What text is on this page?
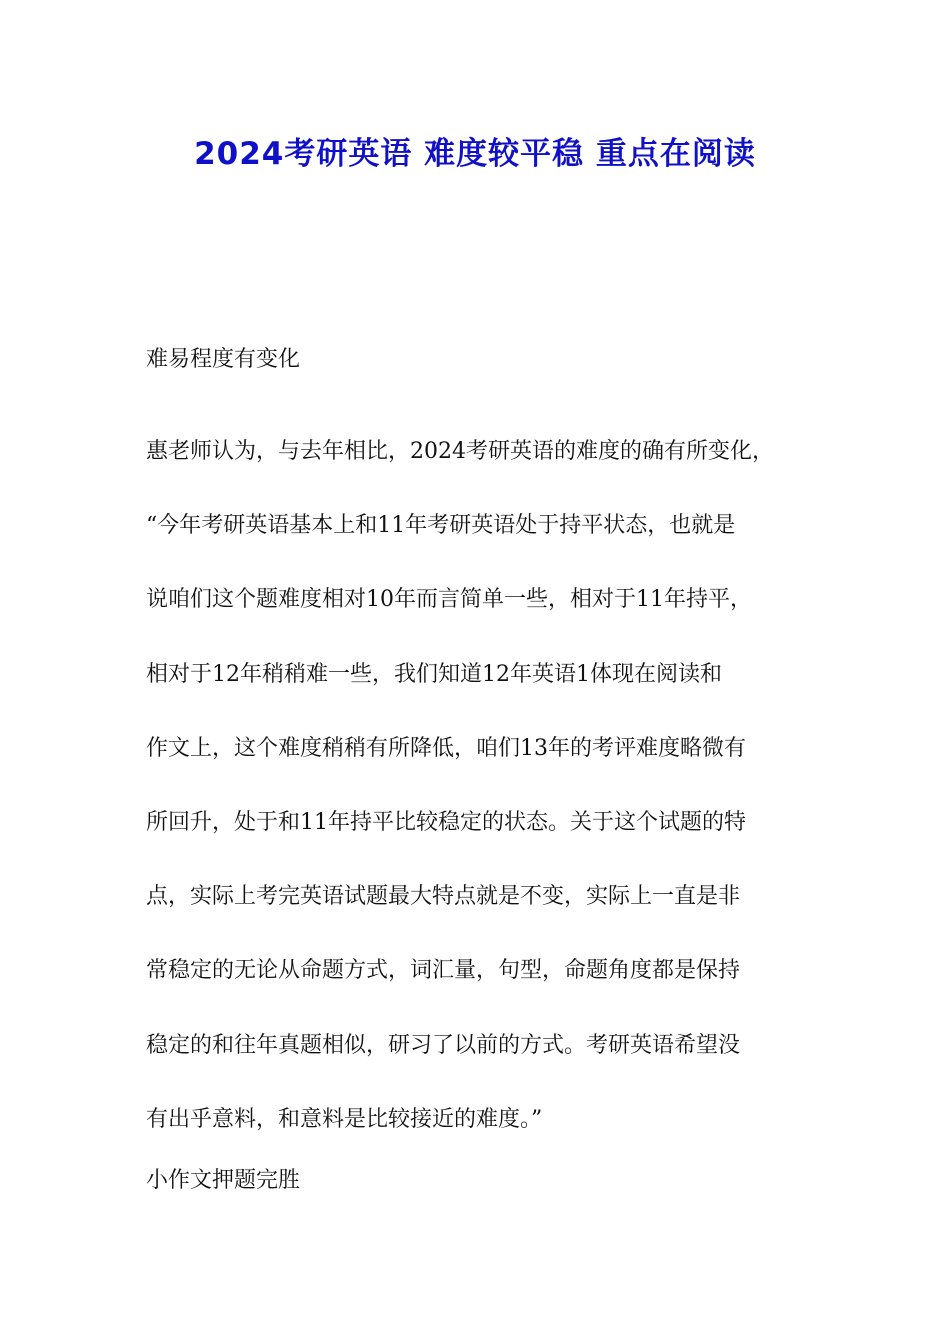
2024考研英语 难度较平稳 重点在阅读

难易程度有变化

惠老师认为，与去年相比，2024考研英语的难度的确有所变化，
“今年考研英语基本上和11年考研英语处于持平状态，也就是
说咱们这个题难度相对10年而言简单一些，相对于11年持平，
相对于12年稍稍难一些，我们知道12年英语1体现在阅读和
作文上，这个难度稍稍有所降低，咱们13年的考评难度略微有
所回升，处于和11年持平比较稳定的状态。关于这个试题的特
点，实际上考完英语试题最大特点就是不变，实际上一直是非
常稳定的无论从命题方式，词汇量，句型，命题角度都是保持
稳定的和往年真题相似，研习了以前的方式。考研英语希望没
有出乎意料，和意料是比较接近的难度。”

小作文押题完胜
